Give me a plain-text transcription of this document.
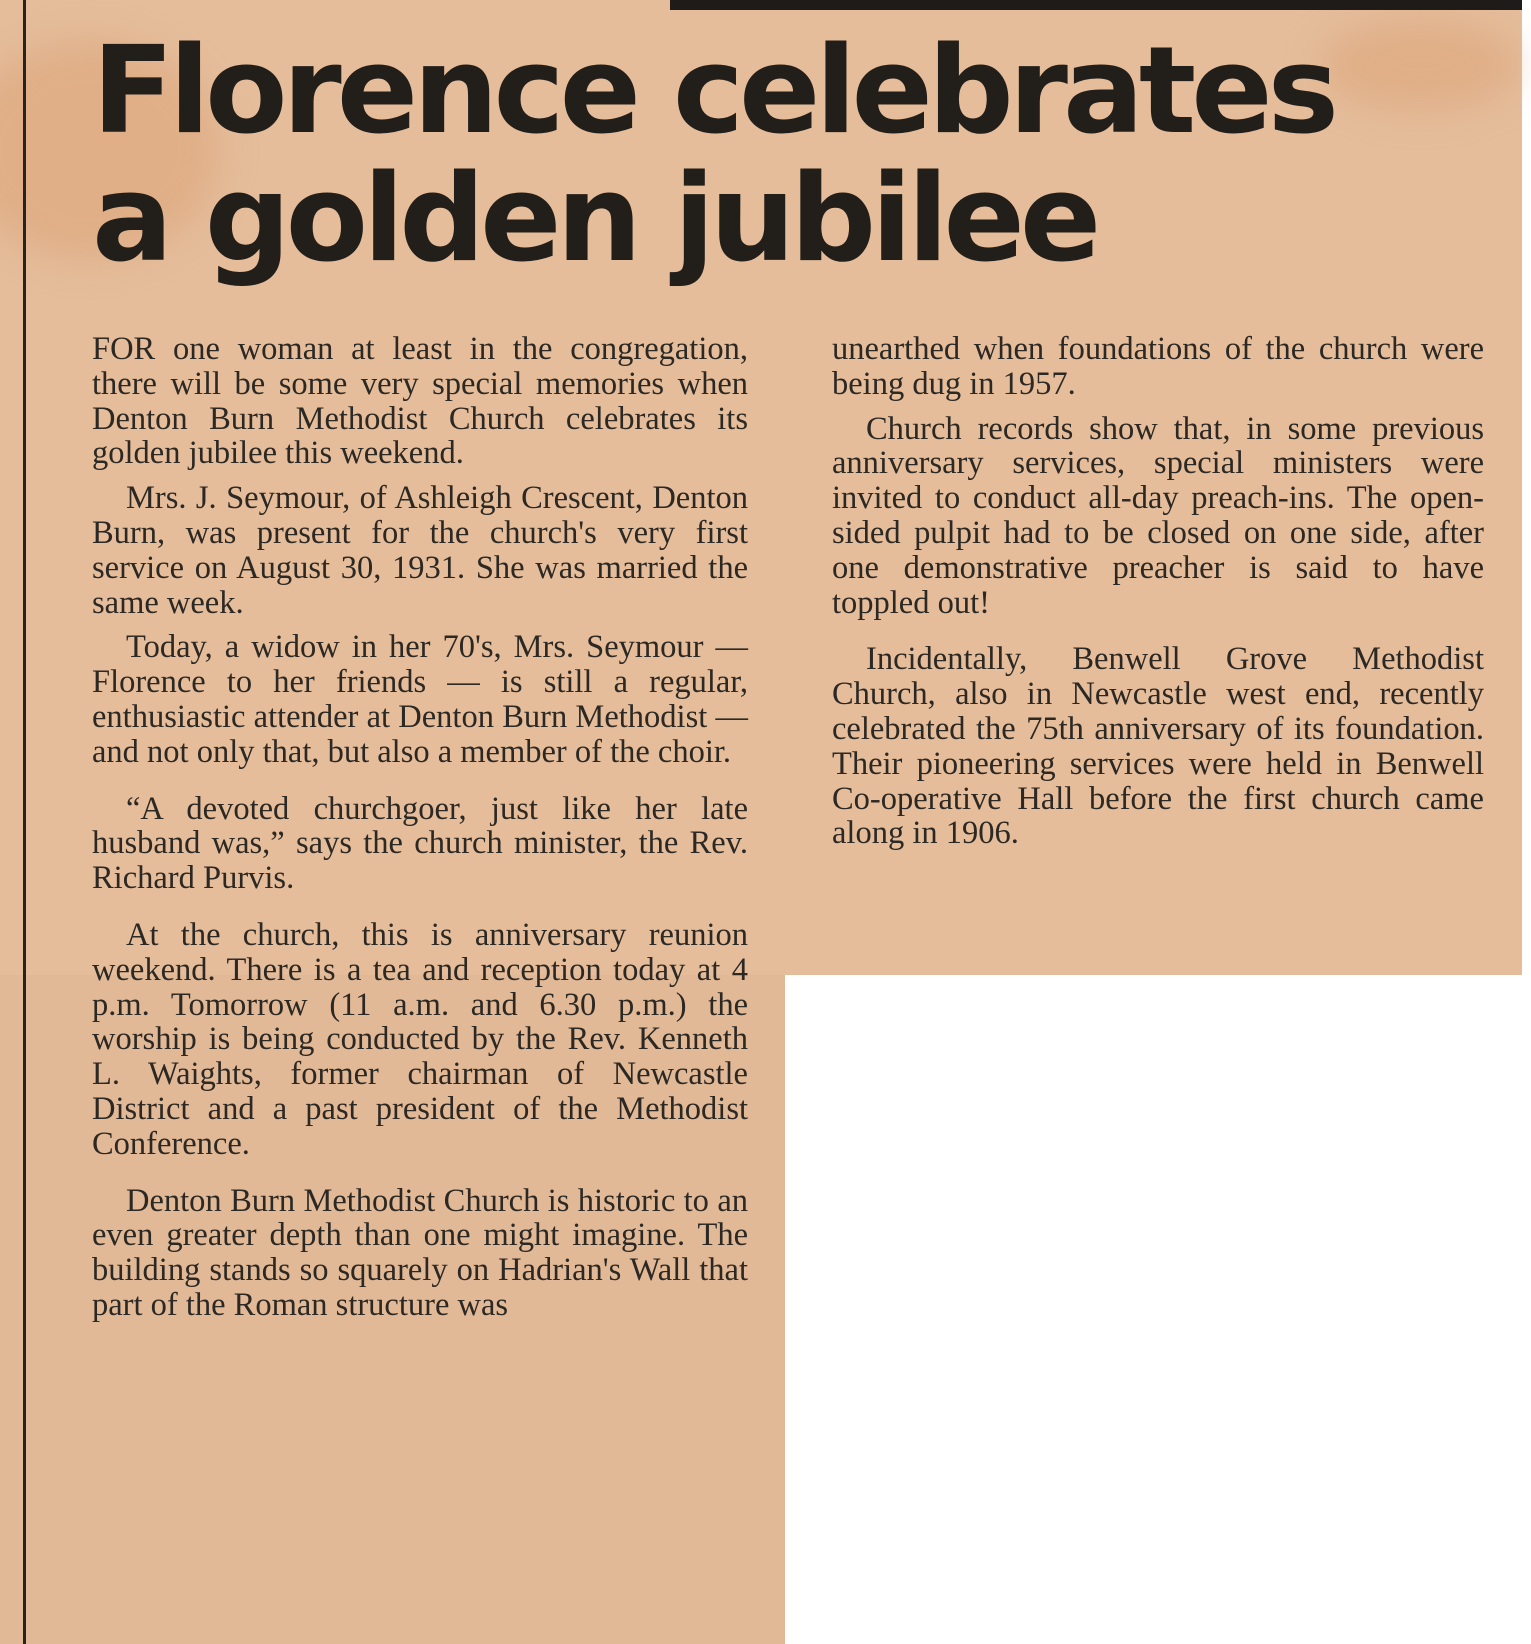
Florence celebrates
a golden jubilee

FOR one woman at least in the congregation, there will be some very special memories when Denton Burn Methodist Church celebrates its golden jubilee this weekend.

Mrs. J. Seymour, of Ashleigh Crescent, Denton Burn, was present for the church's very first service on August 30, 1931. She was married the same week.

Today, a widow in her 70's, Mrs. Seymour — Florence to her friends — is still a regular, enthusiastic attender at Denton Burn Methodist — and not only that, but also a member of the choir.

“A devoted churchgoer, just like her late husband was,” says the church minister, the Rev. Richard Purvis.

At the church, this is anniversary reunion weekend. There is a tea and reception today at 4 p.m. Tomorrow (11 a.m. and 6.30 p.m.) the worship is being conducted by the Rev. Kenneth L. Waights, former chairman of Newcastle District and a past president of the Methodist Conference.

Denton Burn Methodist Church is historic to an even greater depth than one might imagine. The building stands so squarely on Hadrian's Wall that part of the Roman structure was

unearthed when foundations of the church were being dug in 1957.

Church records show that, in some previous anniversary services, special ministers were invited to conduct all-day preach-ins. The open-sided pulpit had to be closed on one side, after one demonstrative preacher is said to have toppled out!

Incidentally, Benwell Grove Methodist Church, also in Newcastle west end, recently celebrated the 75th anniversary of its foundation. Their pioneering services were held in Benwell Co-operative Hall before the first church came along in 1906.
